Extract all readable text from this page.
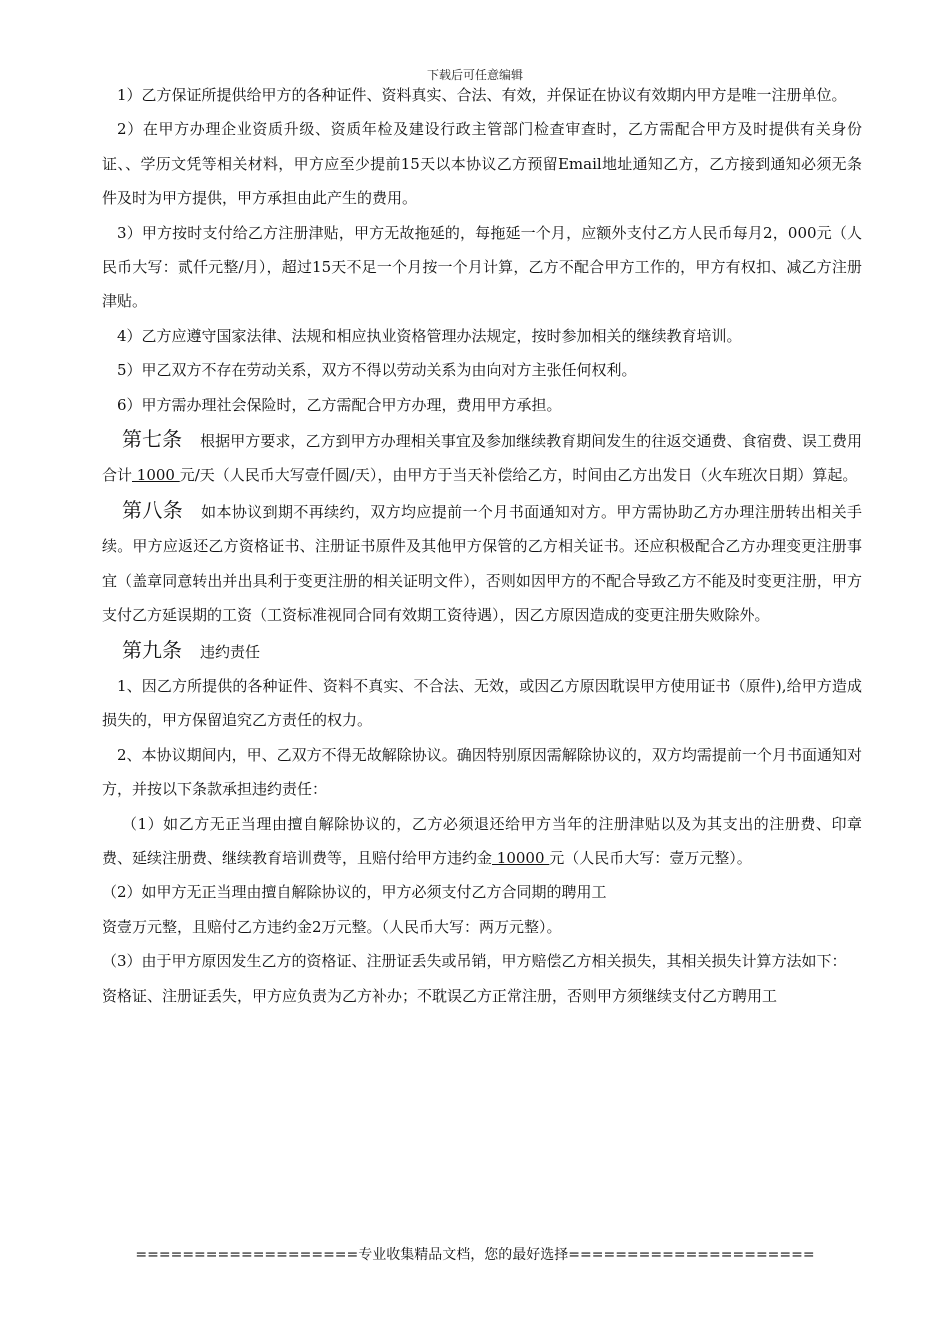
下载后可任意编辑

1）乙方保证所提供给甲方的各种证件、资料真实、合法、有效，并保证在协议有效期内甲方是唯一注册单位。

2）在甲方办理企业资质升级、资质年检及建设行政主管部门检查审查时，乙方需配合甲方及时提供有关身份证、、学历文凭等相关材料，甲方应至少提前15天以本协议乙方预留Email地址通知乙方，乙方接到通知必须无条件及时为甲方提供，甲方承担由此产生的费用。

3）甲方按时支付给乙方注册津贴，甲方无故拖延的，每拖延一个月，应额外支付乙方人民币每月2，000元（人民币大写：贰仟元整/月），超过15天不足一个月按一个月计算，乙方不配合甲方工作的，甲方有权扣、减乙方注册津贴。

4）乙方应遵守国家法律、法规和相应执业资格管理办法规定，按时参加相关的继续教育培训。

5）甲乙双方不存在劳动关系，双方不得以劳动关系为由向对方主张任何权利。

6）甲方需办理社会保险时，乙方需配合甲方办理，费用甲方承担。

第七条 根据甲方要求，乙方到甲方办理相关事宜及参加继续教育期间发生的往返交通费、食宿费、误工费用合计 1000 元/天（人民币大写壹仟圆/天），由甲方于当天补偿给乙方，时间由乙方出发日（火车班次日期）算起。

第八条 如本协议到期不再续约，双方均应提前一个月书面通知对方。甲方需协助乙方办理注册转出相关手续。甲方应返还乙方资格证书、注册证书原件及其他甲方保管的乙方相关证书。还应积极配合乙方办理变更注册事宜（盖章同意转出并出具利于变更注册的相关证明文件），否则如因甲方的不配合导致乙方不能及时变更注册，甲方支付乙方延误期的工资（工资标准视同合同有效期工资待遇），因乙方原因造成的变更注册失败除外。

第九条 违约责任

1、因乙方所提供的各种证件、资料不真实、不合法、无效，或因乙方原因耽误甲方使用证书（原件),给甲方造成损失的，甲方保留追究乙方责任的权力。

2、本协议期间内，甲、乙双方不得无故解除协议。确因特别原因需解除协议的，双方均需提前一个月书面通知对方，并按以下条款承担违约责任：

（1）如乙方无正当理由擅自解除协议的，乙方必须退还给甲方当年的注册津贴以及为其支出的注册费、印章费、延续注册费、继续教育培训费等，且赔付给甲方违约金 10000 元（人民币大写：壹万元整）。

（2）如甲方无正当理由擅自解除协议的，甲方必须支付乙方合同期的聘用工

资壹万元整，且赔付乙方违约金2万元整。（人民币大写：两万元整）。

（3）由于甲方原因发生乙方的资格证、注册证丢失或吊销，甲方赔偿乙方相关损失，其相关损失计算方法如下：

资格证、注册证丢失，甲方应负责为乙方补办；不耽误乙方正常注册，否则甲方须继续支付乙方聘用工

===================专业收集精品文档，您的最好选择=====================
